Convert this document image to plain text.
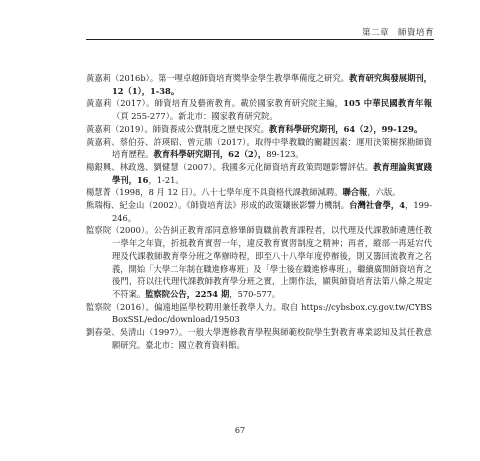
第二章　師資培育

黃嘉莉（2016b）。第一哩卓越師資培育獎學金學生教學準備度之研究。教育研究與發展期刊，12（1），1-38。

黃嘉莉（2017）。師資培育及藝術教育。載於國家教育研究院主編，105 中華民國教育年報（頁 255-277）。新北市：國家教育研究院。

黃嘉莉（2019）。師資養成公費制度之歷史探究。教育科學研究期刊，64（2），99-129。

黃嘉莉、蔡伯芬、許瑛昭、曾元鼎（2017）。取得中學教職的關鍵因素：運用決策樹探勘師資培育歷程。教育科學研究期刊，62（2），89-123。

楊銀興、林政逸、劉健慧（2007）。我國多元化師資培育政策問題影響評估。教育理論與實踐學刊，16，1-21。

楊慧菁（1998，8 月 12 日）。八十七學年度不具資格代課教師減聘。聯合報，六版。

熊瑞梅、紀金山（2002）。《師資培育法》形成的政策鑲嵌影響力機制。台灣社會學，4，199-246。

監察院（2000）。公告糾正教育部同意修畢師資職前教育課程者，以代理及代課教師遴選任教一學年之年資，折抵教育實習一年，違反教育實習制度之精神；再者，縱部一再延宕代理及代課教師教育學分班之準辦時程，即至八十八學年度停辦後，則又籌回流教育之名義，開始「大學二年制在職進修專班」及「學士後在職進修專班」，繼續廣開師資培育之後門，符以往代理代課教師教育學分班之實，上開作法，顯與師資培育法第八條之規定不符案。監察院公告，2254 期，570-577。

監察院（2016）。偏遠地區學校聘用兼任教學人力。取自 https://cybsbox.cy.gov.tw/CYBSBoxSSL/edoc/download/19503

劉春榮、吳清山（1997）。一般大學選修教育學程與師範校院學生對教育專業認知及其任教意願研究。臺北市：國立教育資料館。

67
